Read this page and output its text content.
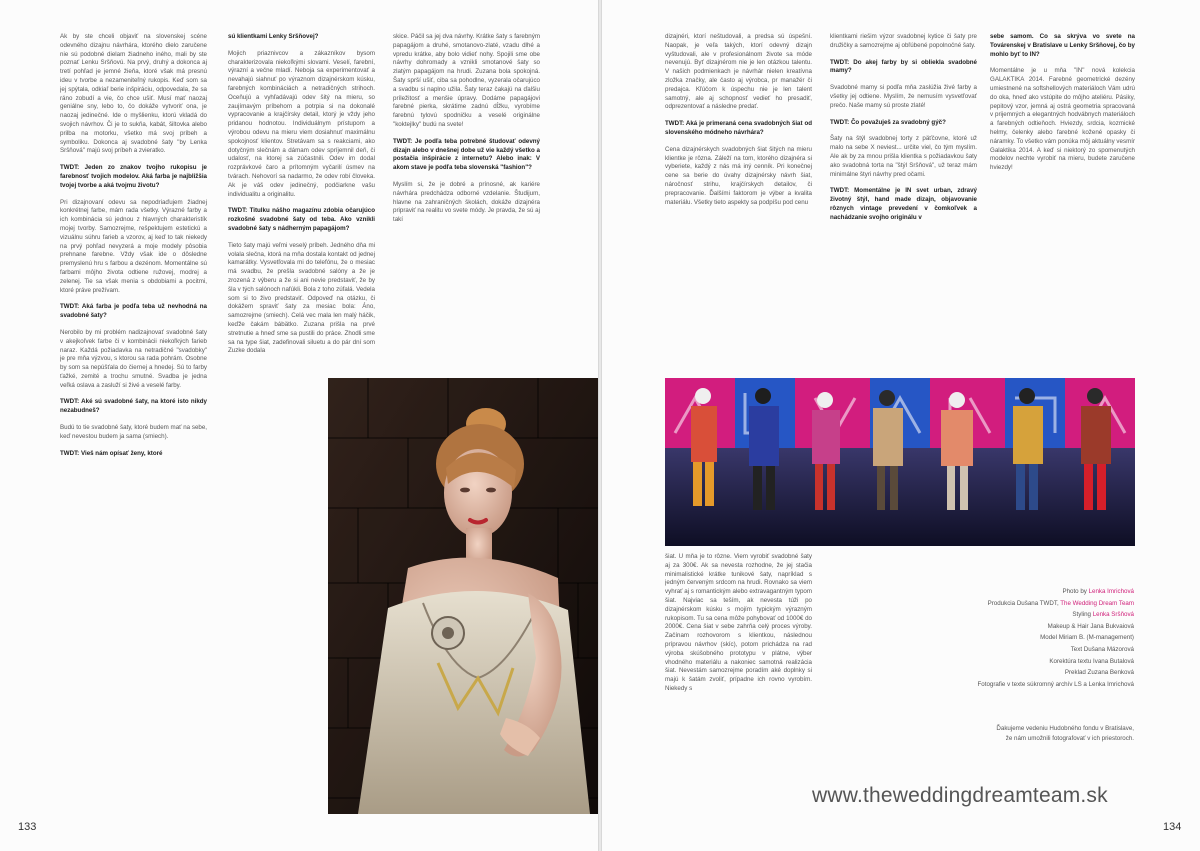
Ak by ste chceli objaviť na slovenskej scéne odevného dizajnu návrhára, ktorého dielo zaručene nie sú podobné dielam žiadneho iného, mali by ste poznať Lenku Sršňovú. Na prvý, druhý a dokonca aj tretí pohľad je jemné žieňa, ktoré však má presnú ideu v tvorbe a nezameniteľný rukopis. Keď som sa jej spýtala, odkiaľ berie inšpiráciu, odpovedala, že sa ráno zobudí a vie, čo chce ušiť. Musí mať naozaj geniálne sny, lebo to, čo dokáže vytvoriť ona, je naozaj jedinečné. Ide o myšlienku, ktorú vkladá do svojich návrhov. Či je to sukňa, kabát, šiltovka alebo prilba na motorku, všetko má svoj príbeh a symboliku. Dokonca aj svadobné šaty "by Lenka Sršňová" majú svoj príbeh a zvieratko.

TWDT: Jeden zo znakov tvojho rukopisu je farebnosť tvojich modelov. Aká farba je najbližšia tvojej tvorbe a aká tvojmu životu?

Pri dizajnovaní odevu sa nepodriaďujem žiadnej konkrétnej farbe, mám rada všetky. Výrazné farby a ich kombinácia sú jednou z hlavných charakteristík mojej tvorby. Samozrejme, rešpektujem estetickú a vizuálnu súhru farieb a vzorov, aj keď to tak niekedy na prvý pohľad nevyzerá a moje modely pôsobia prehnane farebne. Vždy však ide o dôsledne premyslenú hru s farbou a dezénom. Momentálne sú farbami môjho života odtiene ružovej, modrej a zelenej. Tie sa však menia s obdobiami a pocitmi, ktoré práve prežívam.

TWDT: Aká farba je podľa teba už nevhodná na svadobné šaty?

Nerobilo by mi problém nadizajnovať svadobné šaty v akejkoľvek farbe či v kombinácii niekoľkých farieb naraz. Každá požiadavka na netradičné "svadobky" je pre mňa výzvou, s ktorou sa rada pohrám. Osobne by som sa nepúšťala do čiernej a hnedej. Sú to farby ťažké, zemité a trochu smutné. Svadba je jedna veľká oslava a zasluží si živé a veselé farby.

TWDT: Aké sú svadobné šaty, na ktoré isto nikdy nezabudneš?

Budú to tie svadobné šaty, ktoré budem mať na sebe, keď nevestou budem ja sama (smiech).

TWDT: Vieš nám opísať ženy, ktoré

sú klientkami Lenky Sršňovej?

Mojich priaznivcov a zákazníkov bysom charakterizovala niekoľkými slovami. Veselí, farební, výrazní a večne mladí. Neboja sa experimentovať a nevahajú siahnuť po výraznom dizajnérskom kúsku, farebných kombináciách a netradičných strihoch. Oceňujú a vyhľadávajú odev šitý na mieru, so zaujímavým príbehom a potrpia si na dokonalé vypracovanie a krajčírsky detail, ktorý je vždy jeho pridanou hodnotou. Individuálnym prístupom a výrobou odevu na mieru viem dosiahnuť maximálnu spokojnosť klientov. Stretávam sa s reakciami, ako dotyčným slečnám a dámam odev spríjemnil deň, či udalosť, na ktorej sa zúčastnili. Odev im dodal rozprávkové čaro a prítomným vyčarilí úsmev na tvárach. Nehovorí sa nadarmo, že odev robí človeka. Ak je váš odev jedinečný, podčiarkne vašu individualitu a originalitu.

TWDT: Titulku nášho magazínu zdobia očarujúco rozkošné svadobné šaty od teba. Ako vznikli svadobné šaty s nádherným papagájom?

Tieto šaty majú veľmi veselý príbeh. Jedného dňa mi volala slečna, ktorá na mňa dostala kontakt od jednej kamarátky. Vysvetľovala mi do telefónu, že o mesiac má svadbu, že prešla svadobné salóny a že je zrozená z výberu a že si ani nevie predstaviť, že by šla v tých salónoch nafúkli. Bola z toho zúfalá. Vedela som si to živo predstaviť. Odpoveď na otázku, či dokážem spraviť šaty za mesiac bola: Áno, samozrejme (smiech). Celá vec mala len malý háčik, keďže čakám bábätko. Zuzana prišla na prvé stretnutie a hneď sme sa pustili do práce. Zhodli sme sa na type šiat, zadefinovali siluetu a do pár dní som Zuzke dodala

skice. Páčil sa jej dva návrhy. Krátke šaty s farebným papagájom a druhé, smotanovo-zlaté, vzadu dlhé a vpredu krátke, aby bolo vidieť nohy. Spojili sme obe návrhy dohromady a vznikli smotanové šaty so zlatým papagájom na hrudi. Zuzana bola spokojná. Šaty sprší ušiť, ciba sa pohodlne, vyzerala očarujúco a svadbu si naplno užila. Šaty teraz čakajú na ďalšiu príležitosť a menšie úpravy. Dodáme papagájovi farebné pierka, skrátime zadnú dĺžku, vyrobíme farebnú tylovú spodničku a veselé originálne "koktejlky" budú na svete!

TWDT: Je podľa teba potrebné študovať odevný dizajn alebo v dnešnej dobe už vie každý všetko a postačia inšpirácie z internetu? Alebo inak: V akom stave je podľa teba slovenská "fashion"?

Myslím si, že je dobré a prínosné, ak kariére návrhára predchádza odborné vzdelanie. Študijum, hlavne na zahraničných školách, dokáže dizajnéra pripraviť na realitu vo svete módy. Je pravda, že sú aj takí

133

dizajnéri, ktorí neštudovali, a predsa sú úspešní. Naopak, je veľa takých, ktorí odevný dizajn vyštudovali, ale v profesionálnom živote sa móde nevenujú. Byť dizajnérom nie je len otázkou talentu. V našich podmienkach je návrhár nielen kreatívna zložka značky, ale často aj výrobca, pr manažér či predajca. Kľúčom k úspechu nie je len talent samotný, ale aj schopnosť vedieť ho presadiť, odprezentovať a následne predať.

TWDT: Aká je primeraná cena svadobných šiat od slovenského módneho návrhára?

Cena dizajnérskych svadobných šiat šitých na mieru klientke je rôzna. Záleží na tom, ktorého dizajnéra si vyberiete, každý z nás má iný cenník. Pri konečnej cene sa berie do úvahy dizajnérsky návrh šiat, náročnosť strihu, krajčírskych detailov, či prepracovanie. Ďalšími faktorom je výber a kvalita materiálu. Všetky tieto aspekty sa podpíšu pod cenu

šiat. U mňa je to rôzne. Viem vyrobiť svadobné šaty aj za 300€. Ak sa nevesta rozhodne, že jej stačia minimalistické krátke tunikové šaty, napríklad s jedným červeným srdcom na hrudi. Rovnako sa viem vyhrať aj s romantickým alebo extravagantným typom šiat. Najviac sa teším, ak nevesta túži po dizajnérskom kúsku s mojím typickým výrazným rukopisom. Tu sa cena môže pohybovať od 1000€ do 2000€. Cena šiat v sebe zahrňa celý proces výroby. Začínam rozhovorom s klientkou, následnou prípravou návrhov (skíc), potom prichádza na rad výroba skúšobného prototypu v plátne, výber vhodného materiálu a nakoniec samotná realizácia šiat. Nevestám samozrejme poradím aké doplnky si majú k šatám zvoliť, prípadne ich rovno vyrobím. Niekedy s

klientkami riešim výzor svadobnej kytice či šaty pre družičky a samozrejme aj obľúbené popolnočné šaty.

TWDT: Do akej farby by si obliekla svadobné mamy?

Svadobné mamy si podľa mňa zaslúžia živé farby a všetky jej odtiene. Myslím, že nemusím vysvetľovať prečo. Naše mamy sú proste zlaté!

TWDT: Čo považuješ za svadobný gýč?

Šaty na štýl svadobnej torty z päťčovne, ktoré už malo na sebe X neviest... určite viel, čo tým myslím. Ale ak by za mnou prišla klientka s požiadavkou šaty ako svadobná torta na "štýl Sršňová", už teraz mám minimálne štyri návrhy pred očami.

TWDT: Momentálne je IN svet urban, zdravý životný štýl, hand made dizajn, objavovanie rôznych vintage prevedení v čomkoľvek a nachádzanie svojho originálu v

sebe samom. Čo sa skrýva vo svete na Továrenskej v Bratislave u Lenky Sršňovej, čo by mohlo byť to IN?

Momentálne je u mňa "IN" nová kolekcia GALAKTIKA 2014. Farebné geometrické dezény umiestnené na softshellových materiáloch Vám udrú do oka, hneď ako vstúpite do môjho ateliéru. Pásiky, pepitový vzor, jemná aj ostrá geometria spracovaná v prijemných a elegantných hodvábnych materiáloch a farebných odtieňoch. Hviezdy, srdcia, kozmické helmy, čelenky alebo farebné kožené opasky či náramky. To všetko vám ponúka môj aktuálny vesmír Galaktika 2014. A keď si niektorý zo spomenutých modelov nechte vyrobiť na mieru, budete zaručene hviezdy!

Photo by Lenka Imrichová
Produkcia Dušana TWDT, The Wedding Dream Team
Styling Lenka Sršňová
Makeup & Hair Jana Bukvaiová
Model Miriam B. (M-management)
Text Dušana Mázorová
Korektúra textu Ivana Butalová
Preklad Zuzana Benková
Fotografie v texte súkromný archív LS a Lenka Imrichová
Ďakujeme vedeniu Hudobného fondu v Bratislave,
že nám umožnili fotografovať v ich priestoroch.
www.theweddingdreamteam.sk
134
